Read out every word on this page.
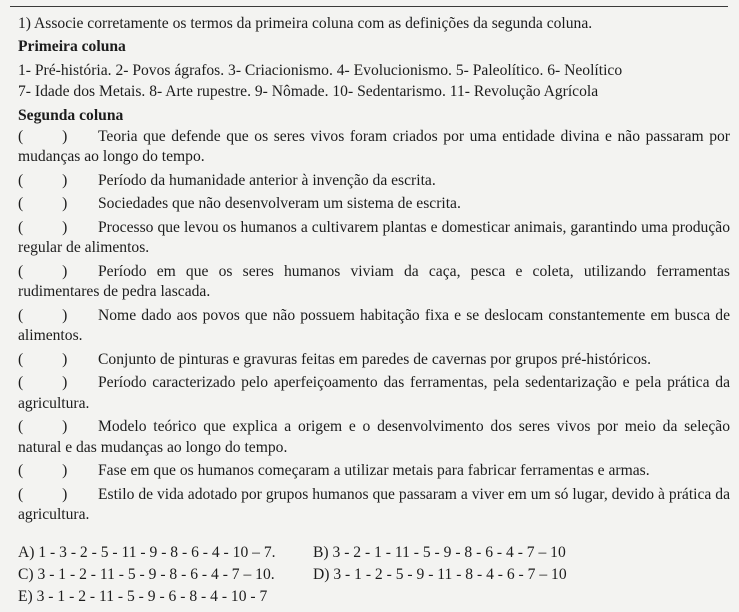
1) Associe corretamente os termos da primeira coluna com as definições da segunda coluna.
Primeira coluna
1- Pré-história. 2- Povos ágrafos. 3- Criacionismo. 4- Evolucionismo. 5- Paleolítico. 6- Neolítico
7- Idade dos Metais. 8- Arte rupestre. 9- Nômade. 10- Sedentarismo. 11- Revolução Agrícola
Segunda coluna
(          ) Teoria que defende que os seres vivos foram criados por uma entidade divina e não passaram por mudanças ao longo do tempo.
(          ) Período da humanidade anterior à invenção da escrita.
(          ) Sociedades que não desenvolveram um sistema de escrita.
(          ) Processo que levou os humanos a cultivarem plantas e domesticar animais, garantindo uma produção regular de alimentos.
(          ) Período em que os seres humanos viviam da caça, pesca e coleta, utilizando ferramentas rudimentares de pedra lascada.
(          ) Nome dado aos povos que não possuem habitação fixa e se deslocam constantemente em busca de alimentos.
(          ) Conjunto de pinturas e gravuras feitas em paredes de cavernas por grupos pré-históricos.
(          ) Período caracterizado pelo aperfeiçoamento das ferramentas, pela sedentarização e pela prática da agricultura.
(          ) Modelo teórico que explica a origem e o desenvolvimento dos seres vivos por meio da seleção natural e das mudanças ao longo do tempo.
(          ) Fase em que os humanos começaram a utilizar metais para fabricar ferramentas e armas.
(          ) Estilo de vida adotado por grupos humanos que passaram a viver em um só lugar, devido à prática da agricultura.
A) 1 - 3 - 2 - 5 - 11 - 9 - 8 - 6 - 4 - 10 – 7.	B) 3 - 2 - 1 - 11 - 5 - 9 - 8 - 6 - 4 - 7 – 10
C) 3 - 1 - 2 - 11 - 5 - 9 - 8 - 6 - 4 - 7 – 10.	D) 3 - 1 - 2 - 5 - 9 - 11 - 8 - 4 - 6 - 7 – 10
E) 3 - 1 - 2 - 11 - 5 - 9 - 6 - 8 - 4 - 10 - 7
